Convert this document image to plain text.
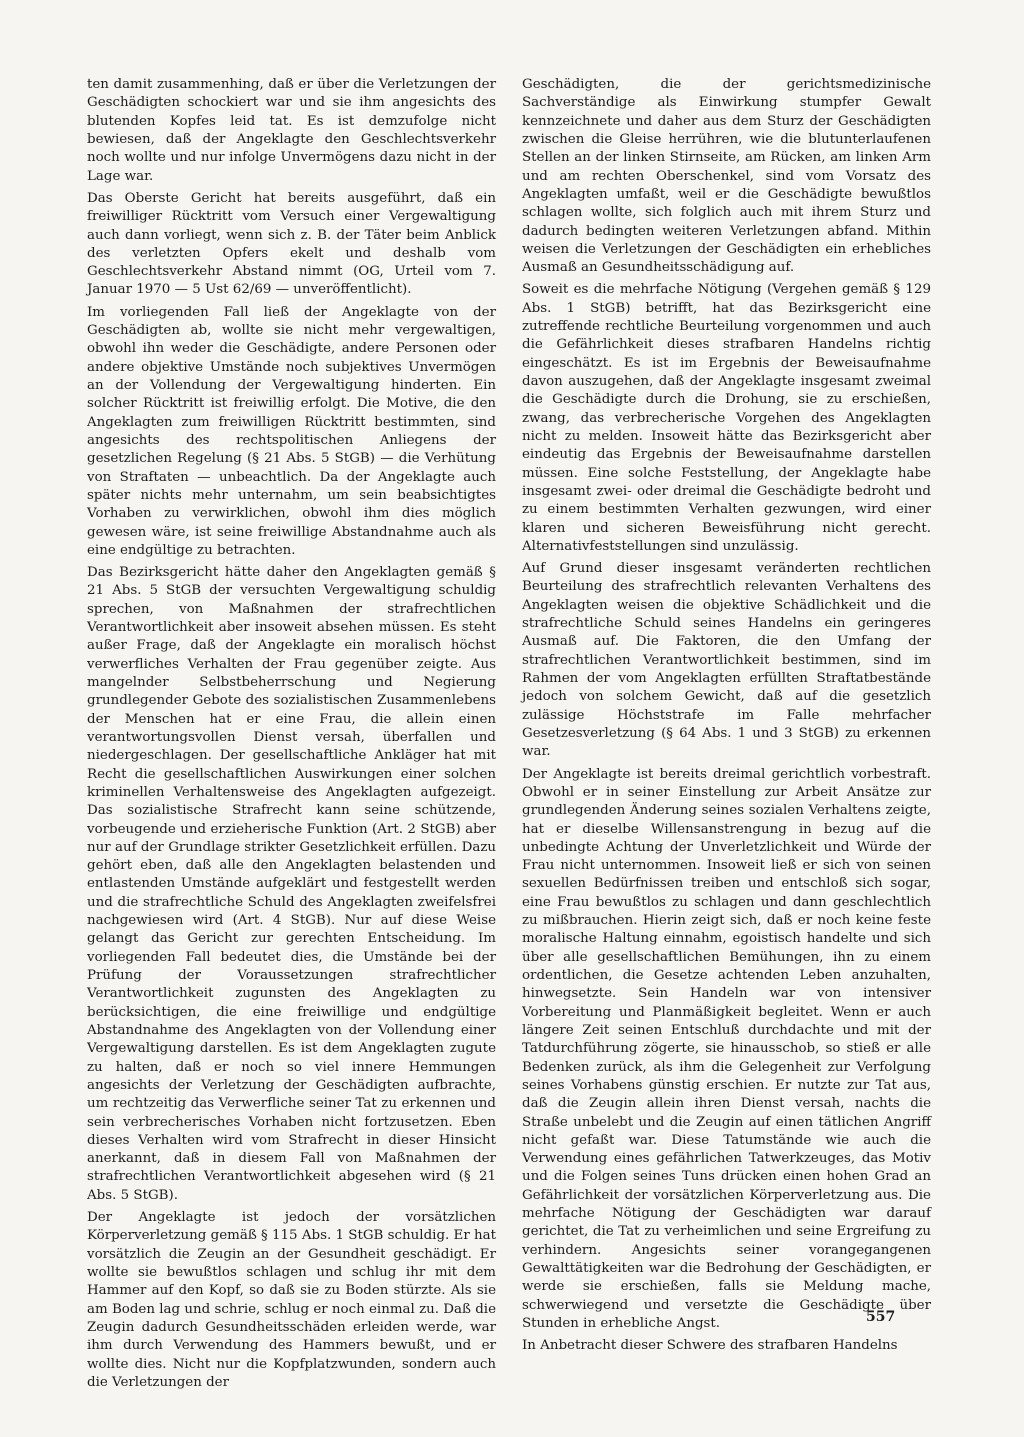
ten damit zusammenhing, daß er über die Verletzungen der Geschädigten schockiert war und sie ihm angesichts des blutenden Kopfes leid tat. Es ist demzufolge nicht bewiesen, daß der Angeklagte den Geschlechtsverkehr noch wollte und nur infolge Unvermögens dazu nicht in der Lage war.

Das Oberste Gericht hat bereits ausgeführt, daß ein freiwilliger Rücktritt vom Versuch einer Vergewaltigung auch dann vorliegt, wenn sich z. B. der Täter beim Anblick des verletzten Opfers ekelt und deshalb vom Geschlechtsverkehr Abstand nimmt (OG, Urteil vom 7. Januar 1970 — 5 Ust 62/69 — unveröffentlicht).

Im vorliegenden Fall ließ der Angeklagte von der Geschädigten ab, wollte sie nicht mehr vergewaltigen, obwohl ihn weder die Geschädigte, andere Personen oder andere objektive Umstände noch subjektives Unvermögen an der Vollendung der Vergewaltigung hinderten. Ein solcher Rücktritt ist freiwillig erfolgt. Die Motive, die den Angeklagten zum freiwilligen Rücktritt bestimmten, sind angesichts des rechtspolitischen Anliegens der gesetzlichen Regelung (§ 21 Abs. 5 StGB) — die Verhütung von Straftaten — unbeachtlich. Da der Angeklagte auch später nichts mehr unternahm, um sein beabsichtigtes Vorhaben zu verwirklichen, obwohl ihm dies möglich gewesen wäre, ist seine freiwillige Abstandnahme auch als eine endgültige zu betrachten.

Das Bezirksgericht hätte daher den Angeklagten gemäß § 21 Abs. 5 StGB der versuchten Vergewaltigung schuldig sprechen, von Maßnahmen der strafrechtlichen Verantwortlichkeit aber insoweit absehen müssen. Es steht außer Frage, daß der Angeklagte ein moralisch höchst verwerfliches Verhalten der Frau gegenüber zeigte. Aus mangelnder Selbstbeherrschung und Negierung grundlegender Gebote des sozialistischen Zusammenlebens der Menschen hat er eine Frau, die allein einen verantwortungsvollen Dienst versah, überfallen und niedergeschlagen. Der gesellschaftliche Ankläger hat mit Recht die gesellschaftlichen Auswirkungen einer solchen kriminellen Verhaltensweise des Angeklagten aufgezeigt. Das sozialistische Strafrecht kann seine schützende, vorbeugende und erzieherische Funktion (Art. 2 StGB) aber nur auf der Grundlage strikter Gesetzlichkeit erfüllen. Dazu gehört eben, daß alle den Angeklagten belastenden und entlastenden Umstände aufgeklärt und festgestellt werden und die strafrechtliche Schuld des Angeklagten zweifelsfrei nachgewiesen wird (Art. 4 StGB). Nur auf diese Weise gelangt das Gericht zur gerechten Entscheidung. Im vorliegenden Fall bedeutet dies, die Umstände bei der Prüfung der Voraussetzungen strafrechtlicher Verantwortlichkeit zugunsten des Angeklagten zu berücksichtigen, die eine freiwillige und endgültige Abstandnahme des Angeklagten von der Vollendung einer Vergewaltigung darstellen. Es ist dem Angeklagten zugute zu halten, daß er noch so viel innere Hemmungen angesichts der Verletzung der Geschädigten aufbrachte, um rechtzeitig das Verwerfliche seiner Tat zu erkennen und sein verbrecherisches Vorhaben nicht fortzusetzen. Eben dieses Verhalten wird vom Strafrecht in dieser Hinsicht anerkannt, daß in diesem Fall von Maßnahmen der strafrechtlichen Verantwortlichkeit abgesehen wird (§ 21 Abs. 5 StGB).

Der Angeklagte ist jedoch der vorsätzlichen Körperverletzung gemäß § 115 Abs. 1 StGB schuldig. Er hat vorsätzlich die Zeugin an der Gesundheit geschädigt. Er wollte sie bewußtlos schlagen und schlug ihr mit dem Hammer auf den Kopf, so daß sie zu Boden stürzte. Als sie am Boden lag und schrie, schlug er noch einmal zu. Daß die Zeugin dadurch Gesundheitsschäden erleiden werde, war ihm durch Verwendung des Hammers bewußt, und er wollte dies. Nicht nur die Kopfplatzwunden, sondern auch die Verletzungen der

Geschädigten, die der gerichtsmedizinische Sachverständige als Einwirkung stumpfer Gewalt kennzeichnete und daher aus dem Sturz der Geschädigten zwischen die Gleise herrühren, wie die blutunterlaufenen Stellen an der linken Stirnseite, am Rücken, am linken Arm und am rechten Oberschenkel, sind vom Vorsatz des Angeklagten umfaßt, weil er die Geschädigte bewußtlos schlagen wollte, sich folglich auch mit ihrem Sturz und dadurch bedingten weiteren Verletzungen abfand. Mithin weisen die Verletzungen der Geschädigten ein erhebliches Ausmaß an Gesundheitsschädigung auf.

Soweit es die mehrfache Nötigung (Vergehen gemäß § 129 Abs. 1 StGB) betrifft, hat das Bezirksgericht eine zutreffende rechtliche Beurteilung vorgenommen und auch die Gefährlichkeit dieses strafbaren Handelns richtig eingeschätzt. Es ist im Ergebnis der Beweisaufnahme davon auszugehen, daß der Angeklagte insgesamt zweimal die Geschädigte durch die Drohung, sie zu erschießen, zwang, das verbrecherische Vorgehen des Angeklagten nicht zu melden. Insoweit hätte das Bezirksgericht aber eindeutig das Ergebnis der Beweisaufnahme darstellen müssen. Eine solche Feststellung, der Angeklagte habe insgesamt zwei- oder dreimal die Geschädigte bedroht und zu einem bestimmten Verhalten gezwungen, wird einer klaren und sicheren Beweisführung nicht gerecht. Alternativfeststellungen sind unzulässig.

Auf Grund dieser insgesamt veränderten rechtlichen Beurteilung des strafrechtlich relevanten Verhaltens des Angeklagten weisen die objektive Schädlichkeit und die strafrechtliche Schuld seines Handelns ein geringeres Ausmaß auf. Die Faktoren, die den Umfang der strafrechtlichen Verantwortlichkeit bestimmen, sind im Rahmen der vom Angeklagten erfüllten Straftatbestände jedoch von solchem Gewicht, daß auf die gesetzlich zulässige Höchststrafe im Falle mehrfacher Gesetzesverletzung (§ 64 Abs. 1 und 3 StGB) zu erkennen war.

Der Angeklagte ist bereits dreimal gerichtlich vorbestraft. Obwohl er in seiner Einstellung zur Arbeit Ansätze zur grundlegenden Änderung seines sozialen Verhaltens zeigte, hat er dieselbe Willensanstrengung in bezug auf die unbedingte Achtung der Unverletzlichkeit und Würde der Frau nicht unternommen. Insoweit ließ er sich von seinen sexuellen Bedürfnissen treiben und entschloß sich sogar, eine Frau bewußtlos zu schlagen und dann geschlechtlich zu mißbrauchen. Hierin zeigt sich, daß er noch keine feste moralische Haltung einnahm, egoistisch handelte und sich über alle gesellschaftlichen Bemühungen, ihn zu einem ordentlichen, die Gesetze achtenden Leben anzuhalten, hinwegsetzte. Sein Handeln war von intensiver Vorbereitung und Planmäßigkeit begleitet. Wenn er auch längere Zeit seinen Entschluß durchdachte und mit der Tatdurchführung zögerte, sie hinausschob, so stieß er alle Bedenken zurück, als ihm die Gelegenheit zur Verfolgung seines Vorhabens günstig erschien. Er nutzte zur Tat aus, daß die Zeugin allein ihren Dienst versah, nachts die Straße unbelebt und die Zeugin auf einen tätlichen Angriff nicht gefaßt war. Diese Tatumstände wie auch die Verwendung eines gefährlichen Tatwerkzeuges, das Motiv und die Folgen seines Tuns drücken einen hohen Grad an Gefährlichkeit der vorsätzlichen Körperverletzung aus. Die mehrfache Nötigung der Geschädigten war darauf gerichtet, die Tat zu verheimlichen und seine Ergreifung zu verhindern. Angesichts seiner vorangegangenen Gewalttätigkeiten war die Bedrohung der Geschädigten, er werde sie erschießen, falls sie Meldung mache, schwerwiegend und versetzte die Geschädigte über Stunden in erhebliche Angst.

In Anbetracht dieser Schwere des strafbaren Handelns

557
